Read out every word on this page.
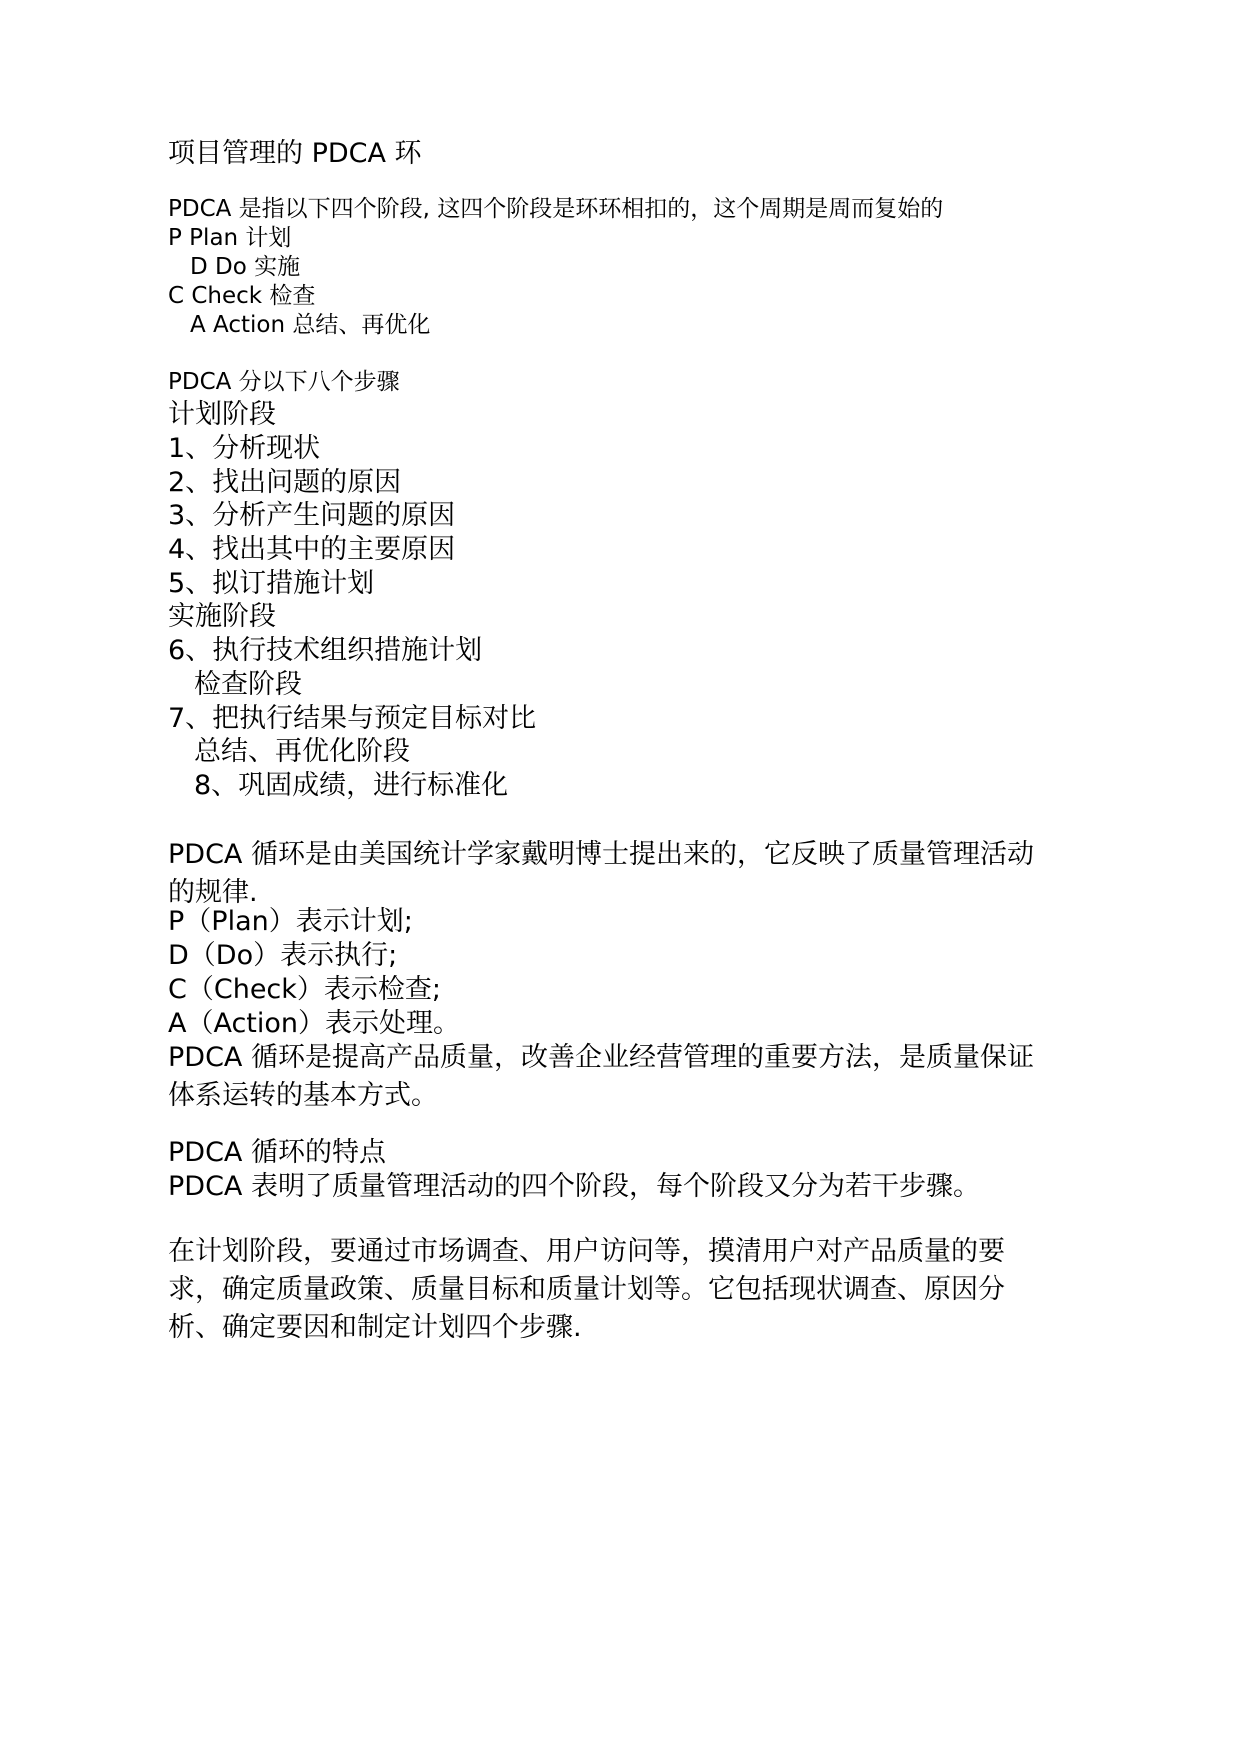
项目管理的 PDCA 环
PDCA 是指以下四个阶段, 这四个阶段是环环相扣的，这个周期是周而复始的
P Plan 计划
D Do 实施
C Check 检查
A Action 总结、再优化
PDCA 分以下八个步骤
计划阶段
1、分析现状
2、找出问题的原因
3、分析产生问题的原因
4、找出其中的主要原因
5、拟订措施计划
实施阶段
6、执行技术组织措施计划
检查阶段
7、把执行结果与预定目标对比
总结、再优化阶段
8、巩固成绩，进行标准化
PDCA 循环是由美国统计学家戴明博士提出来的，它反映了质量管理活动的规律.
P（Plan）表示计划;
D（Do）表示执行;
C（Check）表示检查;
A（Action）表示处理。
PDCA 循环是提高产品质量，改善企业经营管理的重要方法，是质量保证体系运转的基本方式。
PDCA 循环的特点
PDCA 表明了质量管理活动的四个阶段，每个阶段又分为若干步骤。
在计划阶段，要通过市场调查、用户访问等，摸清用户对产品质量的要求，确定质量政策、质量目标和质量计划等。它包括现状调查、原因分析、确定要因和制定计划四个步骤.
